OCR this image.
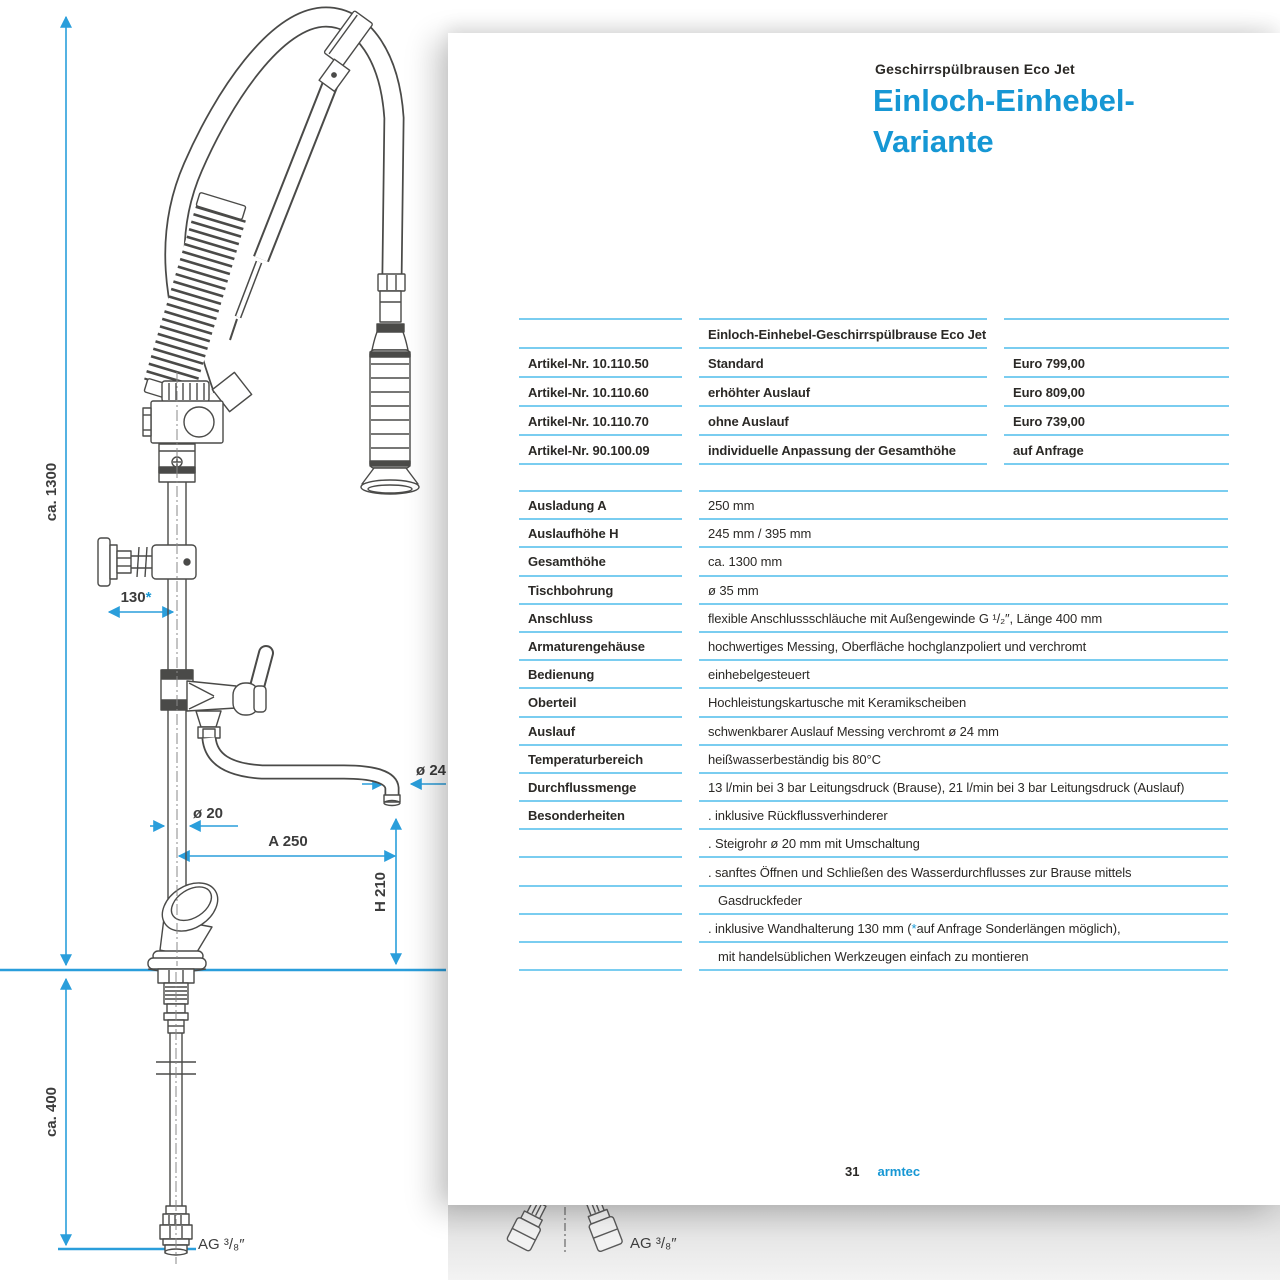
ca. 1300
ca. 400
130*
ø 20
A 250
H 210
ø 24
AG ³/₈″	AG ³/₈″
Geschirrspülbrausen Eco Jet
Einloch-Einhebel-
Variante
Einloch-Einhebel-Geschirrspülbrause Eco Jet
Artikel-Nr. 10.110.50	Standard	Euro 799,00
Artikel-Nr. 10.110.60	erhöhter Auslauf	Euro 809,00
Artikel-Nr. 10.110.70	ohne Auslauf	Euro 739,00
Artikel-Nr. 90.100.09	individuelle Anpassung der Gesamthöhe	auf Anfrage
Ausladung A	250 mm
Auslaufhöhe H	245 mm / 395 mm
Gesamthöhe	ca. 1300 mm
Tischbohrung	ø 35 mm
Anschluss	flexible Anschlussschläuche mit Außengewinde G ¹/₂″, Länge 400 mm
Armaturengehäuse	hochwertiges Messing, Oberfläche hochglanzpoliert und verchromt
Bedienung	einhebelgesteuert
Oberteil	Hochleistungskartusche mit Keramikscheiben
Auslauf	schwenkbarer Auslauf Messing verchromt ø 24 mm
Temperaturbereich	heißwasserbeständig bis 80°C
Durchflussmenge	13 l/min bei 3 bar Leitungsdruck (Brause), 21 l/min bei 3 bar Leitungsdruck (Auslauf)
Besonderheiten	. inklusive Rückflussverhinderer
. Steigrohr ø 20 mm mit Umschaltung
. sanftes Öffnen und Schließen des Wasserdurchflusses zur Brause mittels
Gasdruckfeder
. inklusive Wandhalterung 130 mm ( * auf Anfrage Sonderlängen möglich),
mit handelsüblichen Werkzeugen einfach zu montieren
31 armtec
